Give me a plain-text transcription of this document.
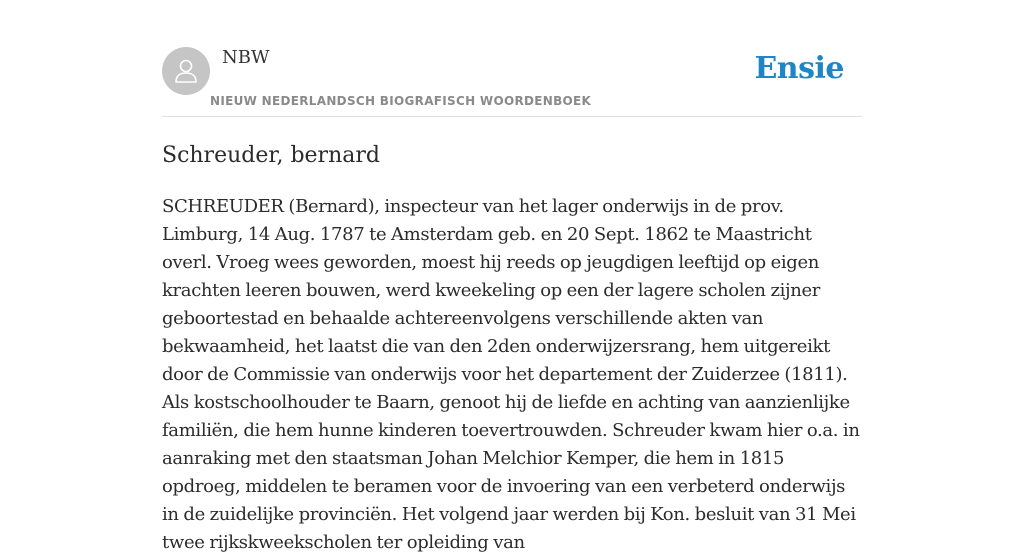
NBW
NIEUW NEDERLANDSCH BIOGRAFISCH WOORDENBOEK
Ensie
Schreuder, bernard

SCHREUDER (Bernard), inspecteur van het lager onderwijs in de prov. Limburg, 14 Aug. 1787 te Amsterdam geb. en 20 Sept. 1862 te Maastricht overl. Vroeg wees geworden, moest hij reeds op jeugdigen leeftijd op eigen krachten leeren bouwen, werd kweekeling op een der lagere scholen zijner geboortestad en behaalde achtereenvolgens verschillende akten van bekwaamheid, het laatst die van den 2den onderwijzersrang, hem uitgereikt door de Commissie van onderwijs voor het departement der Zuiderzee (1811). Als kostschoolhouder te Baarn, genoot hij de liefde en achting van aanzienlijke familiën, die hem hunne kinderen toevertrouwden. Schreuder kwam hier o.a. in aanraking met den staatsman Johan Melchior Kemper, die hem in 1815 opdroeg, middelen te beramen voor de invoering van een verbeterd onderwijs in de zuidelijke provinciën. Het volgend jaar werden bij Kon. besluit van 31 Mei twee rijkskweekscholen ter opleiding van
